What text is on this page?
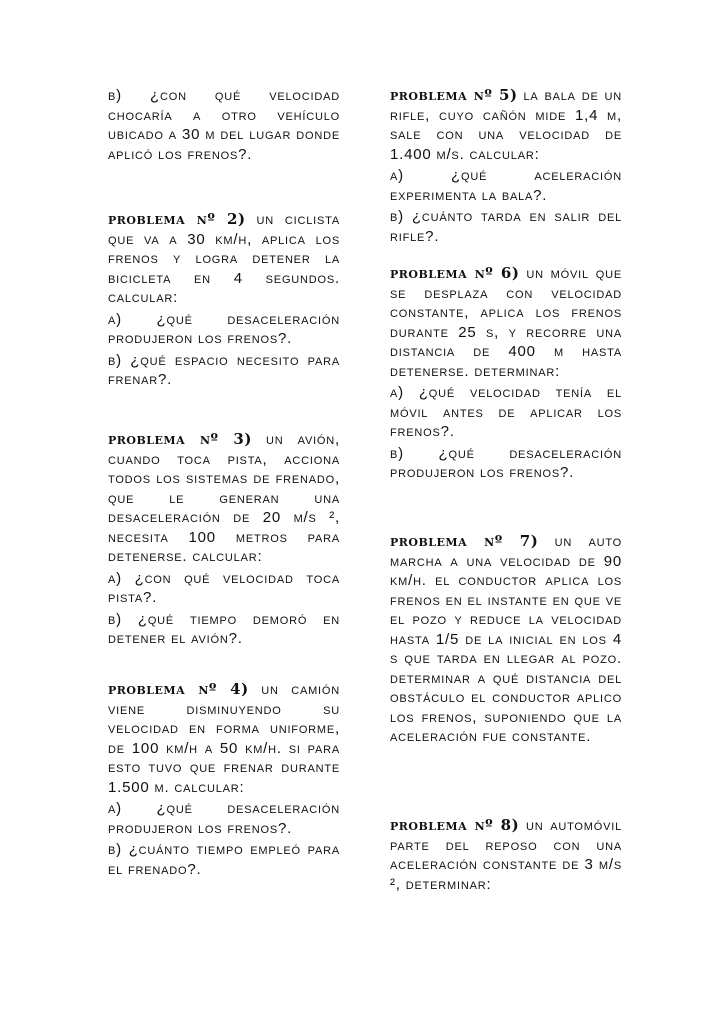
b) ¿con qué velocidad chocaría a otro vehículo ubicado a 30 m del lugar donde aplicó los frenos?.

problema nº 2) un ciclista que va a 30 km/h, aplica los frenos y logra detener la bicicleta en 4 segundos. calcular:

a) ¿qué desaceleración produjeron los frenos?.

b) ¿qué espacio necesito para frenar?.

problema nº 3) un avión, cuando toca pista, acciona todos los sistemas de frenado, que le generan una desaceleración de 20 m/s ², necesita 100 metros para detenerse. calcular:

a) ¿con qué velocidad toca pista?.

b) ¿qué tiempo demoró en detener el avión?.

problema nº 4) un camión viene disminuyendo su velocidad en forma uniforme, de 100 km/h a 50 km/h. si para esto tuvo que frenar durante 1.500 m. calcular:

a) ¿qué desaceleración produjeron los frenos?.

b) ¿cuánto tiempo empleó para el frenado?.

problema nº 5) la bala de un rifle, cuyo cañón mide 1,4 m, sale con una velocidad de 1.400 m/s. calcular:

a) ¿qué aceleración experimenta la bala?.

b) ¿cuánto tarda en salir del rifle?.

problema nº 6) un móvil que se desplaza con velocidad constante, aplica los frenos durante 25 s, y recorre una distancia de 400 m hasta detenerse. determinar:

a) ¿qué velocidad tenía el móvil antes de aplicar los frenos?.

b) ¿qué desaceleración produjeron los frenos?.

problema nº 7) un auto marcha a una velocidad de 90 km/h. el conductor aplica los frenos en el instante en que ve el pozo y reduce la velocidad hasta 1/5 de la inicial en los 4 s que tarda en llegar al pozo. determinar a qué distancia del obstáculo el conductor aplico los frenos, suponiendo que la aceleración fue constante.

problema nº 8) un automóvil parte del reposo con una aceleración constante de 3 m/s ², determinar:
